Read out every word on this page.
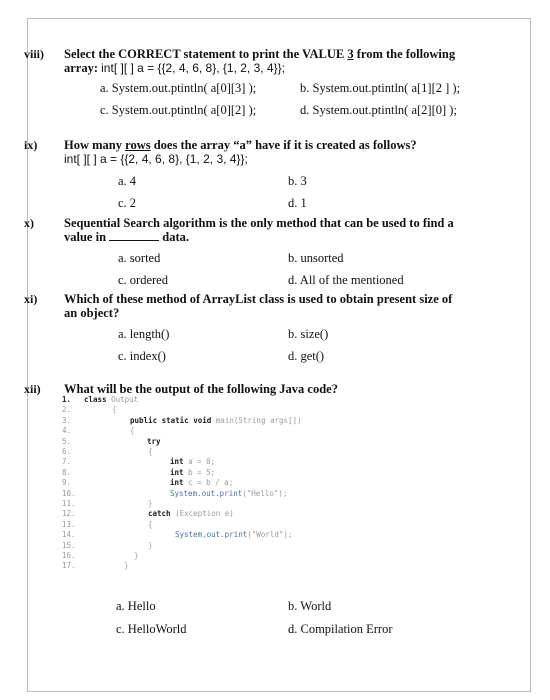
viii) Select the CORRECT statement to print the VALUE 3 from the following
array: int[ ][ ] a = {{2, 4, 6, 8}, {1, 2, 3, 4}};
a. System.out.ptintln( a[0][3] );	b. System.out.ptintln( a[1][2 ] );
c. System.out.ptintln( a[0][2] );	d. System.out.ptintln( a[2][0] );
ix) How many rows does the array “a” have if it is created as follows?
int[ ][ ] a = {{2, 4, 6, 8}, {1, 2, 3, 4}};
a. 4	b. 3
c. 2	d. 1
x) Sequential Search algorithm is the only method that can be used to find a
value in	data.
a. sorted	b. unsorted
c. ordered	d. All of the mentioned
xi) Which of these method of ArrayList class is used to obtain present size of
an object?
a. length()	b. size()
c. index()	d. get()
xii) What will be the output of the following Java code?
1.
2.
3.
4.
5.
6.
7.
8.
9.
10.
11.
12.
13.
14.
15.
16.
17.
class Output
{
public static void main(String args[])
{
try
{
int a = 0;
int b = 5;
int c = b / a;
System.out.print("Hello");
}
catch (Exception e)
{
System.out.print("World");
}
}
}
a. Hello	b. World
c. HelloWorld	d. Compilation Error
